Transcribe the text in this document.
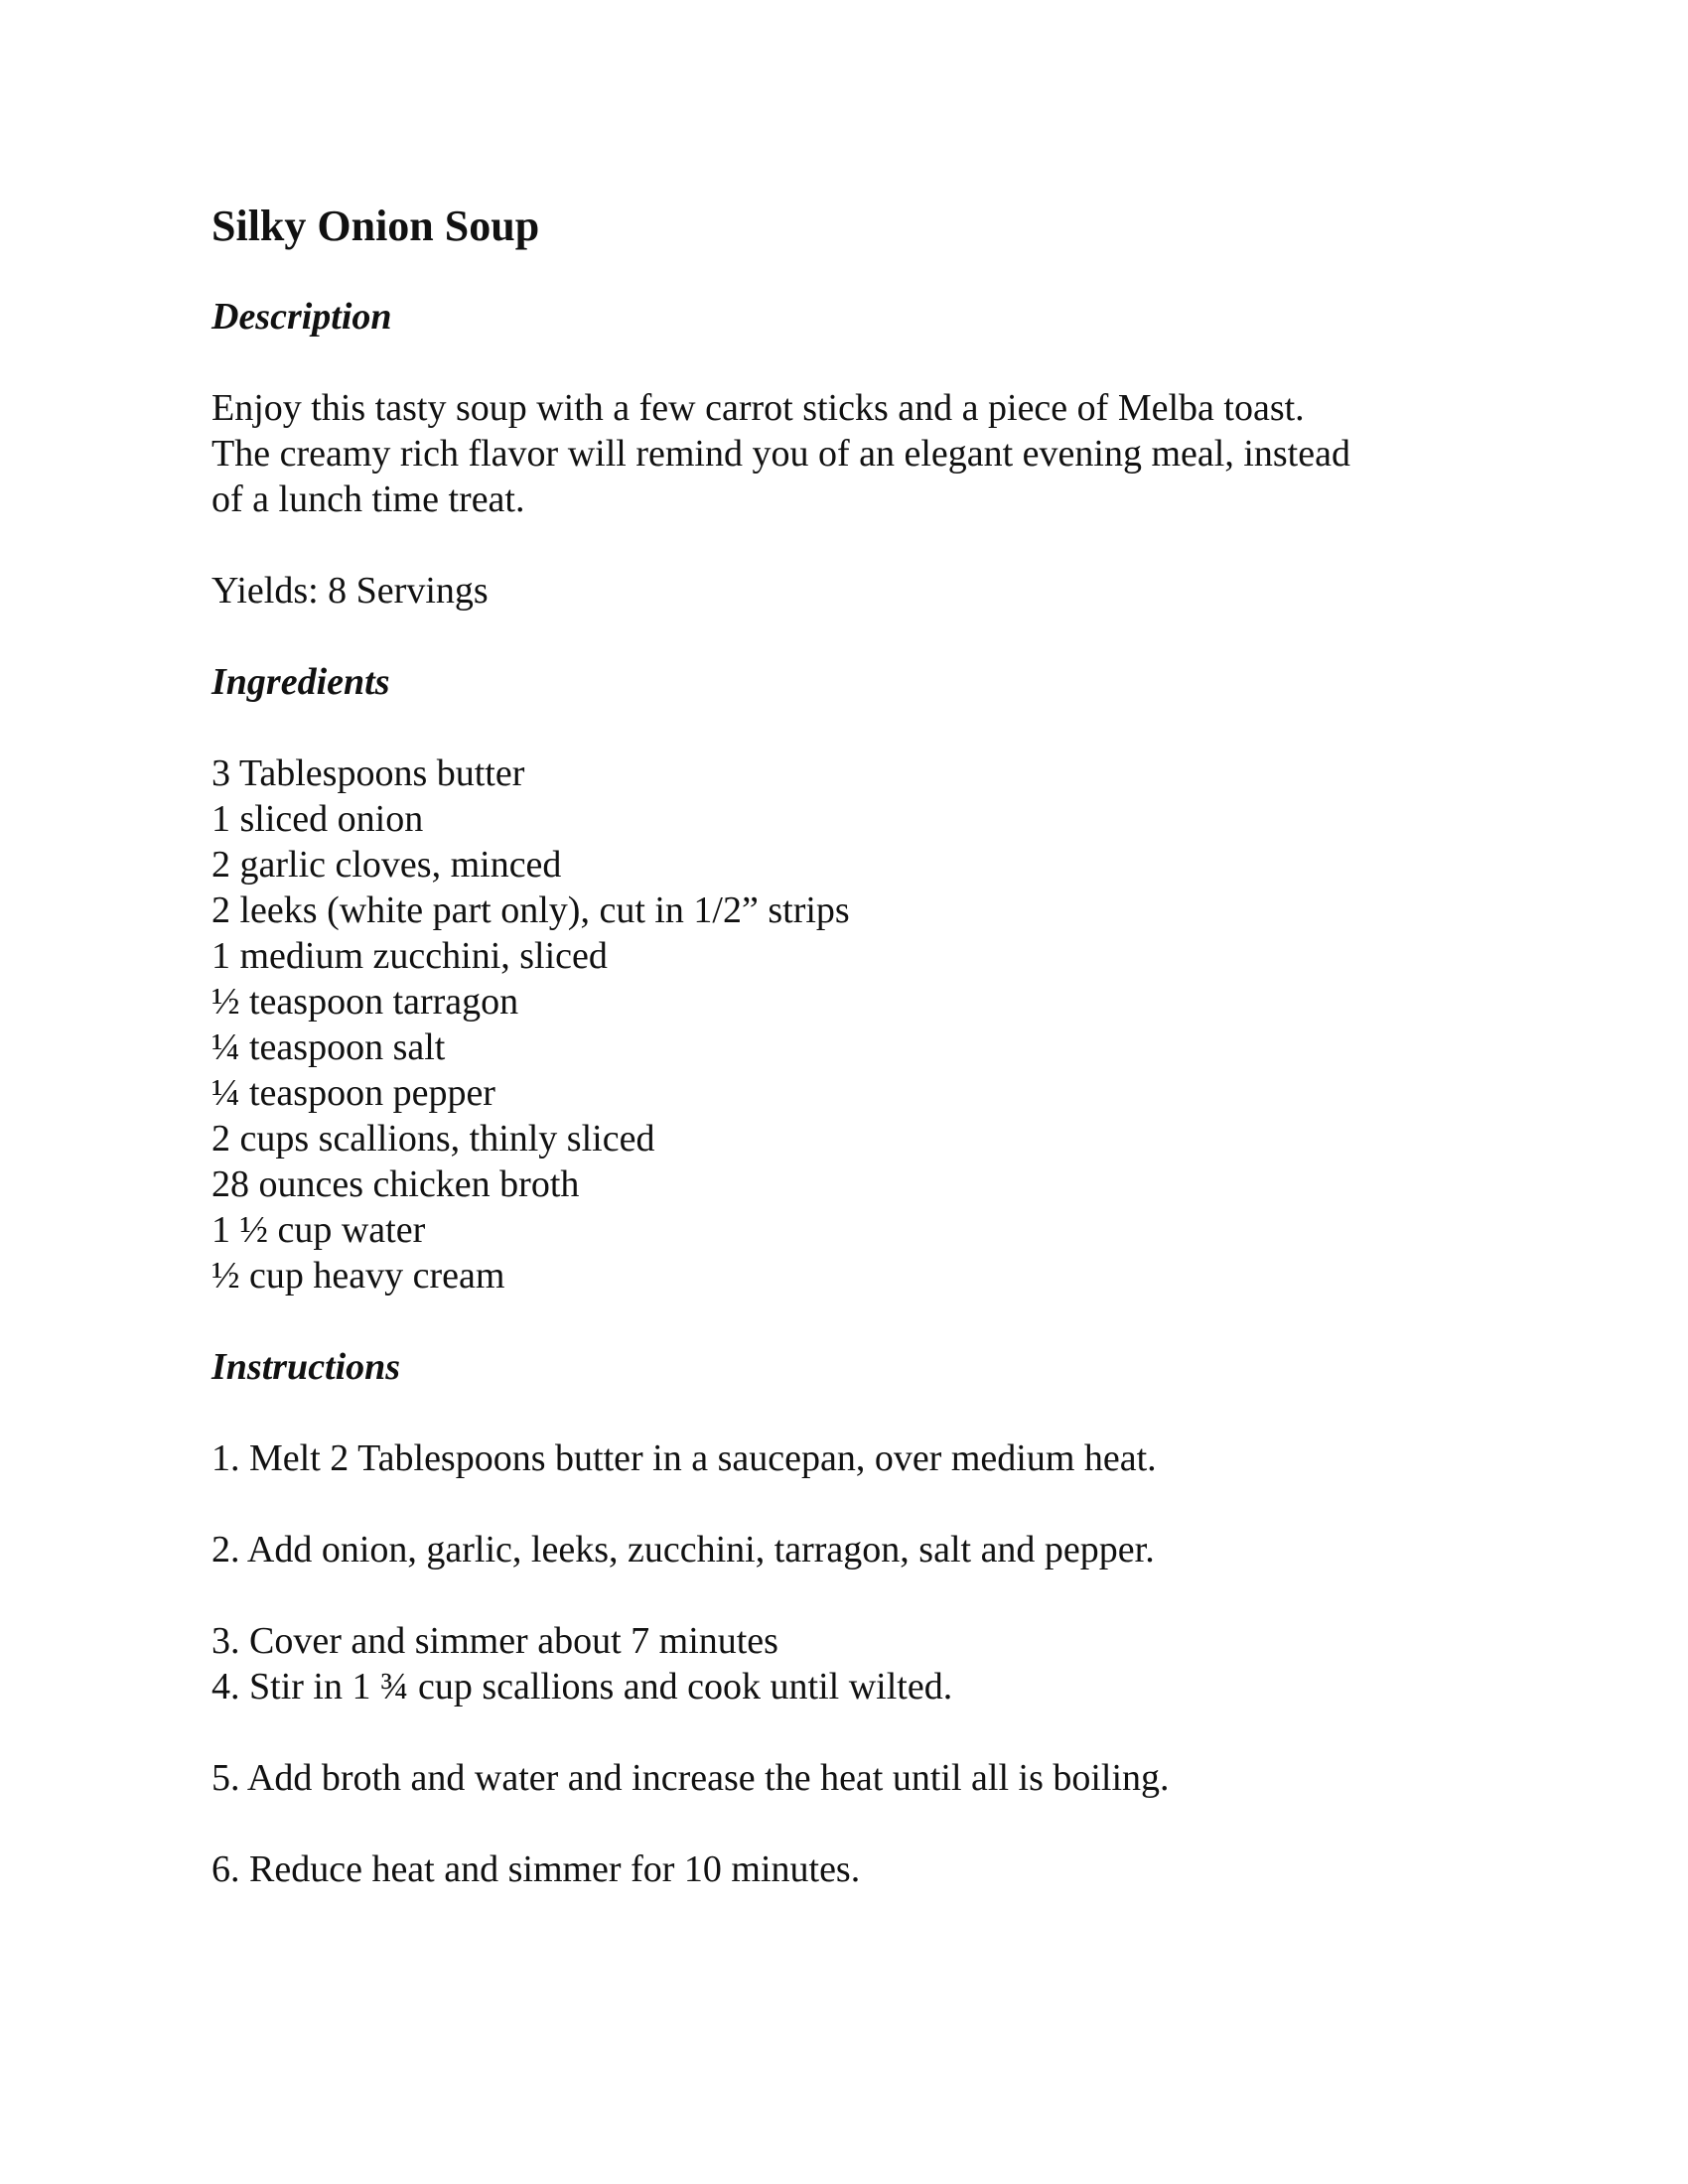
Silky Onion Soup
Description

Enjoy this tasty soup with a few carrot sticks and a piece of Melba toast.

The creamy rich flavor will remind you of an elegant evening meal, instead

of a lunch time treat.

Yields: 8 Servings

Ingredients
3 Tablespoons butter
1 sliced onion
2 garlic cloves, minced
2 leeks (white part only), cut in 1/2” strips
1 medium zucchini, sliced
½ teaspoon tarragon
¼ teaspoon salt
¼ teaspoon pepper
2 cups scallions, thinly sliced
28 ounces chicken broth
1 ½ cup water
½ cup heavy cream
Instructions
1. Melt 2 Tablespoons butter in a saucepan, over medium heat.
2. Add onion, garlic, leeks, zucchini, tarragon, salt and pepper.
3. Cover and simmer about 7 minutes
4. Stir in 1 ¾ cup scallions and cook until wilted.
5. Add broth and water and increase the heat until all is boiling.
6. Reduce heat and simmer for 10 minutes.
